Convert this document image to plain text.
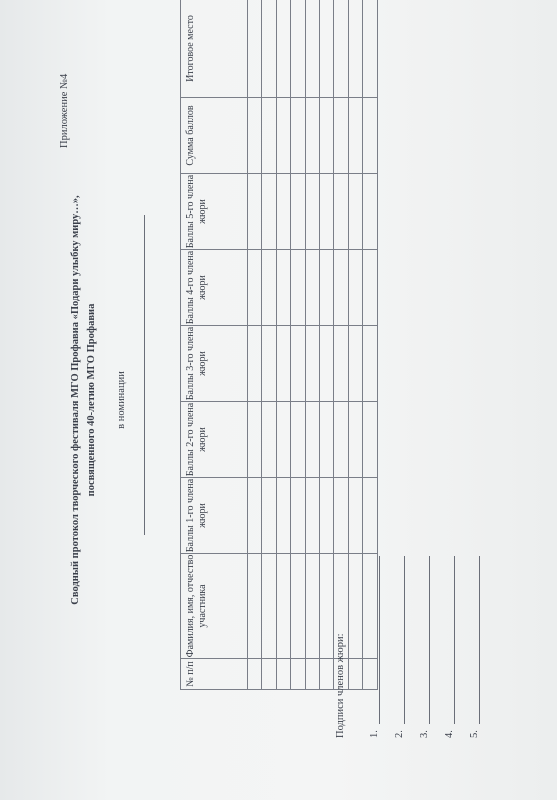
Приложение №4
Сводный протокол творческого фестиваля МГО Профавиа «Подари улыбку миру…», посвященного 40-летию МГО Профавиа в номинации
№ п/п	Фамилия, имя, отчество участника	Баллы 1-го члена жюри	Баллы 2-го члена жюри	Баллы 3-го члена жюри	Баллы 4-го члена жюри	Баллы 5-го члена жюри	Сумма баллов	Итоговое место

Подписи членов жюри: 1. 2. 3. 4. 5.
